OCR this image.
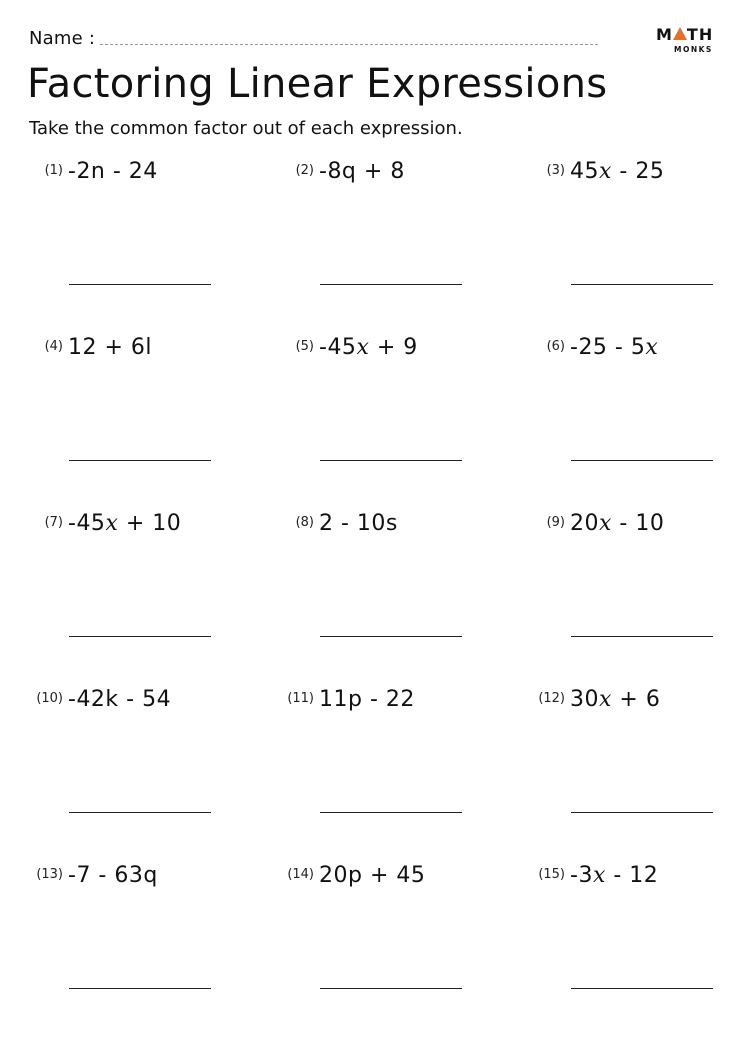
Name :	M TH
MONKS
Factoring Linear Expressions
Take the common factor out of each expression.
(1) -2n - 24	(2) -8q + 8	(3) 45x - 25
(4) 12 + 6l	(5) -45x + 9	(6) -25 - 5x
(7) -45x + 10	(8) 2 - 10s	(9) 20x - 10
(10) -42k - 54	(11) 11p - 22	(12) 30x + 6
(13) -7 - 63q	(14) 20p + 45	(15) -3x - 12
